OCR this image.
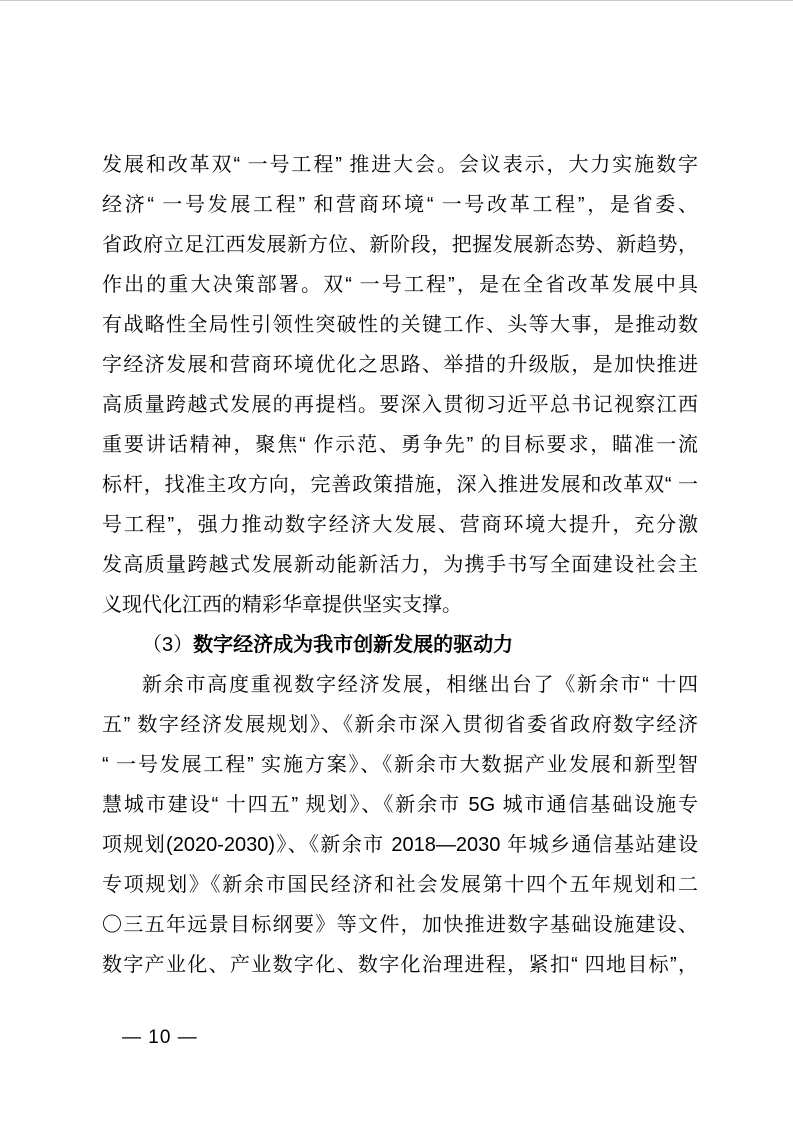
发展和改革双“ 一号工程” 推进大会。会议表示，大力实施数字
经济“ 一号发展工程” 和营商环境“ 一号改革工程”，是省委、
省政府立足江西发展新方位、新阶段，把握发展新态势、新趋势，
作出的重大决策部署。双“ 一号工程”，是在全省改革发展中具
有战略性全局性引领性突破性的关键工作、头等大事，是推动数
字经济发展和营商环境优化之思路、举措的升级版，是加快推进
高质量跨越式发展的再提档。要深入贯彻习近平总书记视察江西
重要讲话精神，聚焦“ 作示范、勇争先” 的目标要求，瞄准一流
标杆，找准主攻方向，完善政策措施，深入推进发展和改革双“ 一
号工程”，强力推动数字经济大发展、营商环境大提升，充分激
发高质量跨越式发展新动能新活力，为携手书写全面建设社会主
义现代化江西的精彩华章提供坚实支撑。
（3）数字经济成为我市创新发展的驱动力
新余市高度重视数字经济发展，相继出台了《新余市“ 十四
五” 数字经济发展规划》、《新余市深入贯彻省委省政府数字经济
“ 一号发展工程” 实施方案》、《新余市大数据产业发展和新型智
慧城市建设“ 十四五” 规划》、《新余市 5G 城市通信基础设施专
项规划(2020-2030)》、《新余市 2018—2030 年城乡通信基站建设
专项规划》《新余市国民经济和社会发展第十四个五年规划和二
〇三五年远景目标纲要》等文件，加快推进数字基础设施建设、
数字产业化、产业数字化、数字化治理进程，紧扣“ 四地目标”，
— 10 —
